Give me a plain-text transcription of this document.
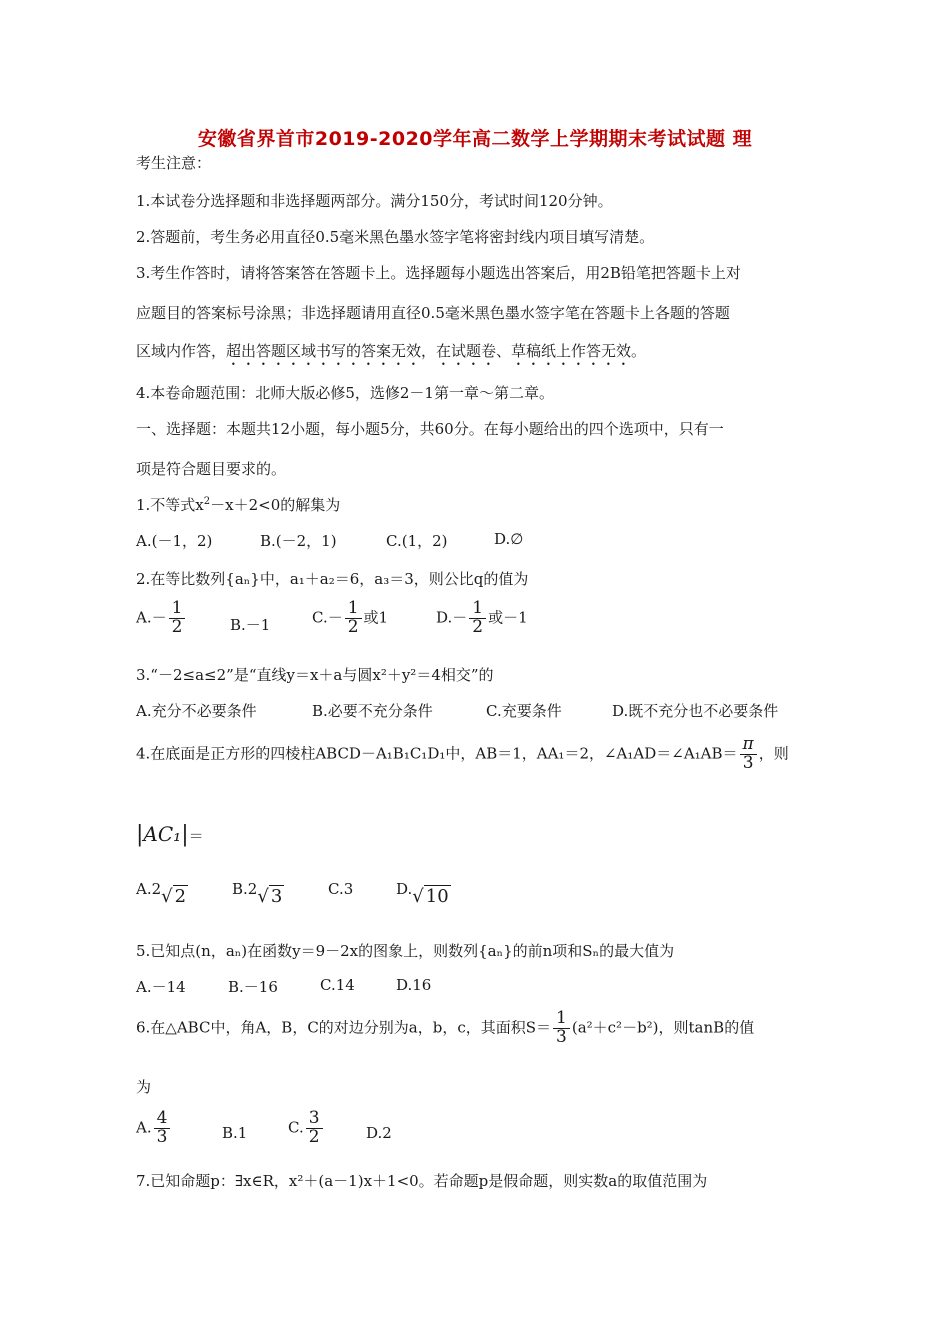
安徽省界首市2019-2020学年高二数学上学期期末考试试题 理
考生注意：
1.本试卷分选择题和非选择题两部分。满分150分，考试时间120分钟。
2.答题前，考生务必用直径0.5毫米黑色墨水签字笔将密封线内项目填写清楚。
3.考生作答时，请将答案答在答题卡上。选择题每小题选出答案后，用2B铅笔把答题卡上对
应题目的答案标号涂黑；非选择题请用直径0.5毫米黑色墨水签字笔在答题卡上各题的答题
区域内作答，超出答题区域书写的答案无效，在试题卷、草稿纸上作答无效。
4.本卷命题范围：北师大版必修5，选修2－1第一章～第二章。
一、选择题：本题共12小题，每小题5分，共60分。在每小题给出的四个选项中，只有一
项是符合题目要求的。
1.不等式$x^2-x+2<0$的解集为
A.(－1，2)	B.(－2，1)	C.(1，2)	D.∅
2.在等比数列{aₙ}中，a₁＋a₂＝6，a₃＝3，则公比q的值为
$A.- \frac{1}{2}$	B.－1	$C.- \frac{1}{2}$ 或1	$D.- \frac{1}{2}$ 或－1
3.“－2≤a≤2”是“直线y＝x＋a与圆x²＋y²＝4相交”的
A.充分不必要条件	B.必要不充分条件	C.充要条件	D.既不充分也不必要条件
4.在底面是正方形的四棱柱ABCD－A₁B₁C₁D₁中，AB＝1，AA₁＝2，∠A₁AD＝∠A₁AB＝ $\frac{\pi}{3}$ ，则
|AC₁|＝
A.2√ 2	B.2√ 3	C.3	D.√ 10
5.已知点(n，aₙ)在函数y＝9－2x的图象上，则数列{aₙ}的前n项和Sₙ的最大值为
A.－14	B.－16	C.14	D.16
6.在△ABC中，角A，B，C的对边分别为a，b，c，其面积$S= \frac{1}{3} (a^2+c^2-b^2)$，则tanB的值
为
A. $\frac{4}{3}$	B.1	C. $\frac{3}{2}$	D.2
7.已知命题p：∃x∈R，x²＋(a－1)x＋1<0。若命题p是假命题，则实数a的取值范围为
